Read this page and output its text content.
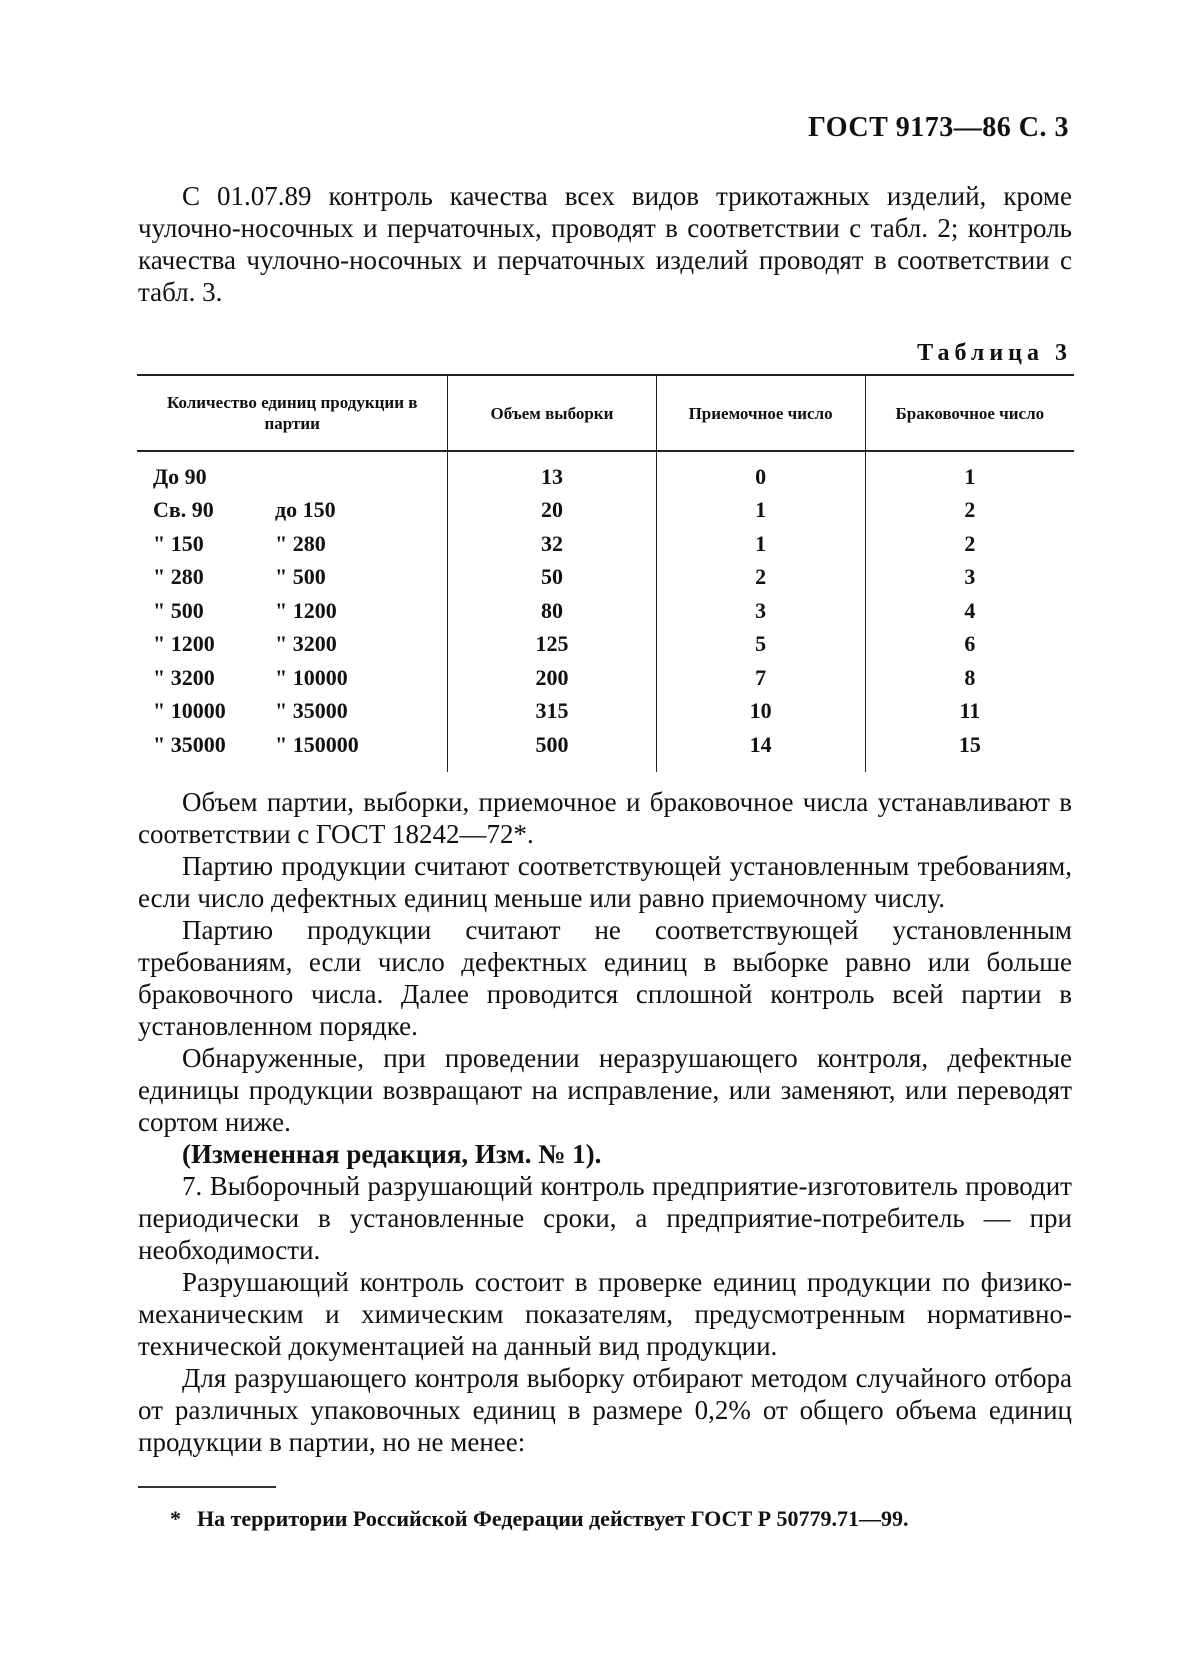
ГОСТ 9173—86 С. 3

С 01.07.89 контроль качества всех видов трикотажных изделий, кроме чулочно-носочных и перчаточных, проводят в соответствии с табл. 2; контроль качества чулочно-носочных и перчаточных изделий проводят в соответствии с табл. 3.

Таблица 3
Количество единиц продукции в партии	Объем выборки	Приемочное число	Браковочное число
До 90	13	0	1
Св. 90 до 150	20	1	2
" 150 " 280	32	1	2
" 280 " 500	50	2	3
" 500 " 1200	80	3	4
" 1200 " 3200	125	5	6
" 3200 " 10000	200	7	8
" 10000 " 35000	315	10	11
" 35000 " 150000	500	14	15

Объем партии, выборки, приемочное и браковочное числа устанавливают в соответствии с ГОСТ 18242—72*.

Партию продукции считают соответствующей установленным требованиям, если число дефектных единиц меньше или равно приемочному числу.

Партию продукции считают не соответствующей установленным требованиям, если число дефектных единиц в выборке равно или больше браковочного числа. Далее проводится сплошной контроль всей партии в установленном порядке.

Обнаруженные, при проведении неразрушающего контроля, дефектные единицы продукции возвращают на исправление, или заменяют, или переводят сортом ниже.

(Измененная редакция, Изм. № 1).

7. Выборочный разрушающий контроль предприятие-изготовитель проводит периодически в установленные сроки, а предприятие-потребитель — при необходимости.

Разрушающий контроль состоит в проверке единиц продукции по физико-механическим и химическим показателям, предусмотренным нормативно-технической документацией на данный вид продукции.

Для разрушающего контроля выборку отбирают методом случайного отбора от различных упаковочных единиц в размере 0,2% от общего объема единиц продукции в партии, но не менее:

* На территории Российской Федерации действует ГОСТ Р 50779.71—99.
